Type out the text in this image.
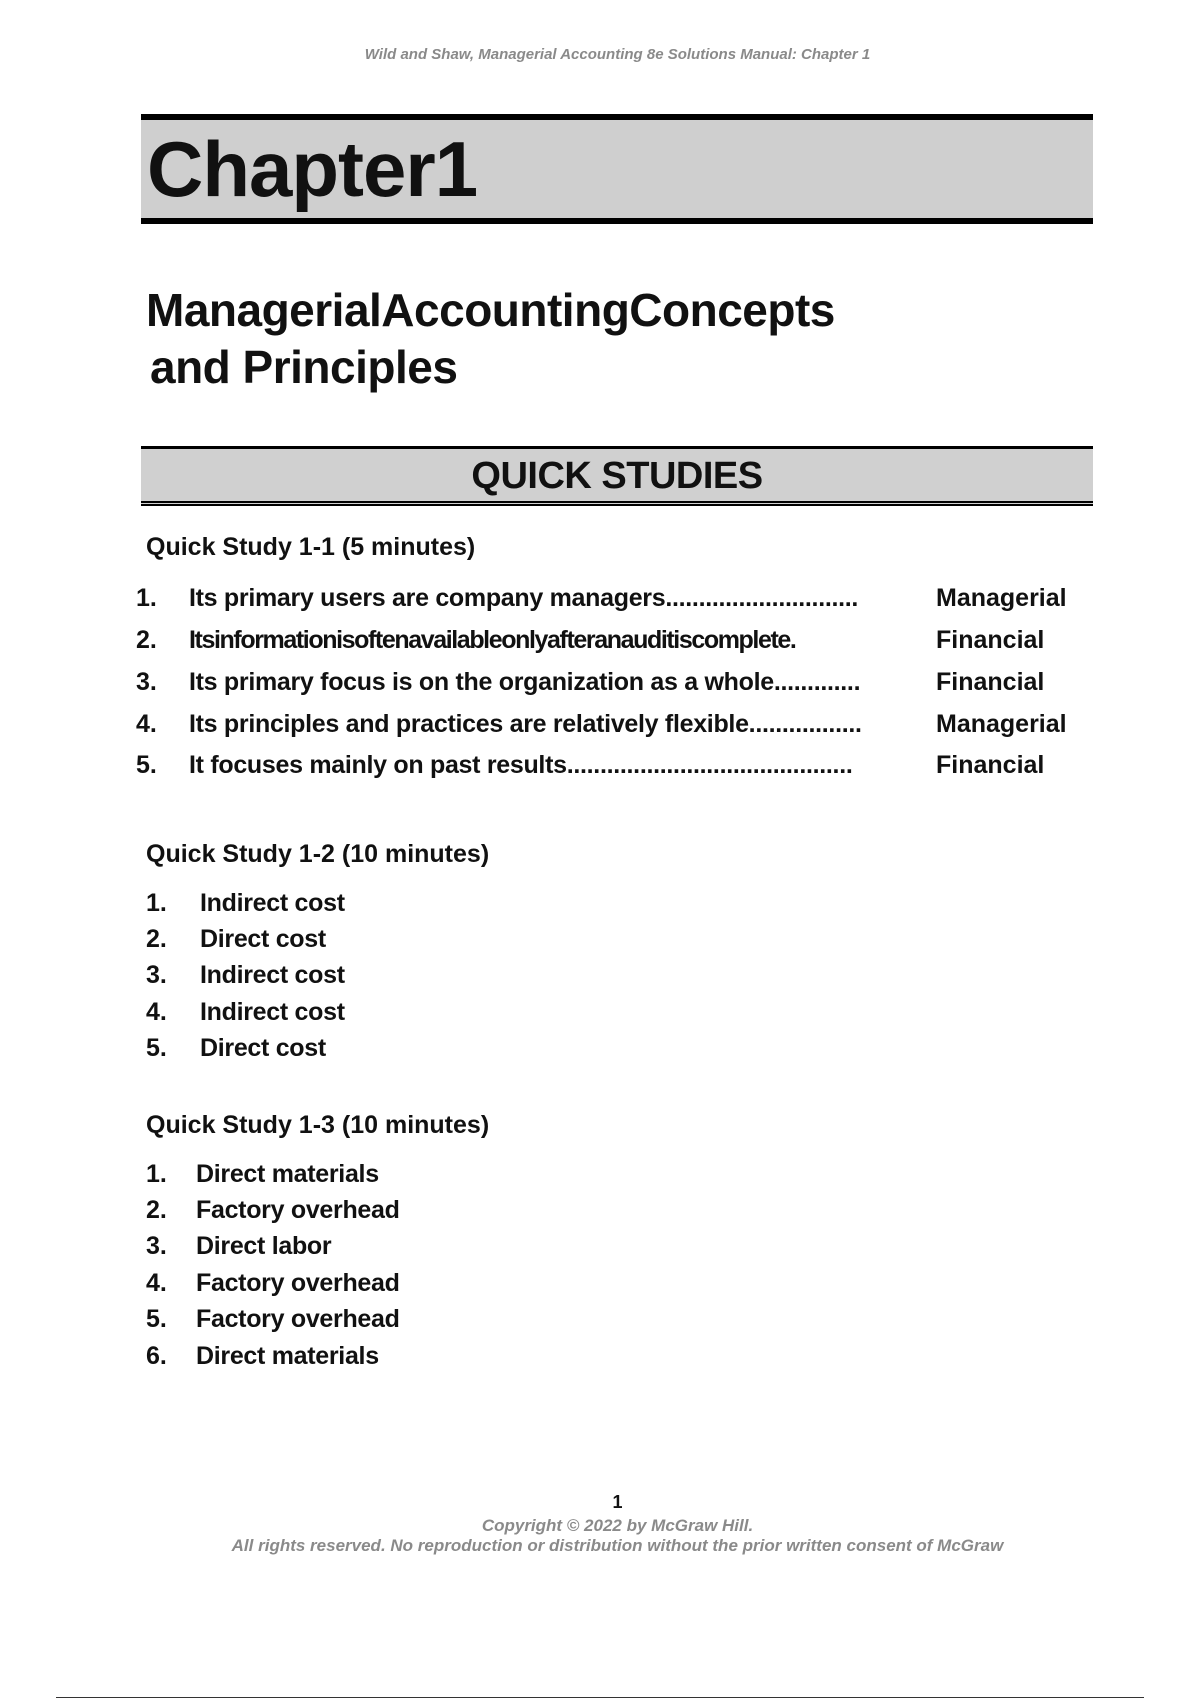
Wild and Shaw, Managerial Accounting 8e Solutions Manual: Chapter 1
Chapter1
ManagerialAccountingConcepts
and Principles
QUICK STUDIES
Quick Study 1-1 (5 minutes)
1. Its primary users are company managers.............................	Managerial
2. Itsinformationisoftenavailableonlyafteranauditiscomplete.	Financial
3. Its primary focus is on the organization as a whole.............	Financial
4. Its principles and practices are relatively flexible.................	Managerial
5. It focuses mainly on past results...........................................	Financial
Quick Study 1-2 (10 minutes)
1. Indirect cost
2. Direct cost
3. Indirect cost
4. Indirect cost
5. Direct cost
Quick Study 1-3 (10 minutes)
1. Direct materials
2. Factory overhead
3. Direct labor
4. Factory overhead
5. Factory overhead
6. Direct materials
1
Copyright © 2022 by McGraw Hill.
All rights reserved. No reproduction or distribution without the prior written consent of McGraw
